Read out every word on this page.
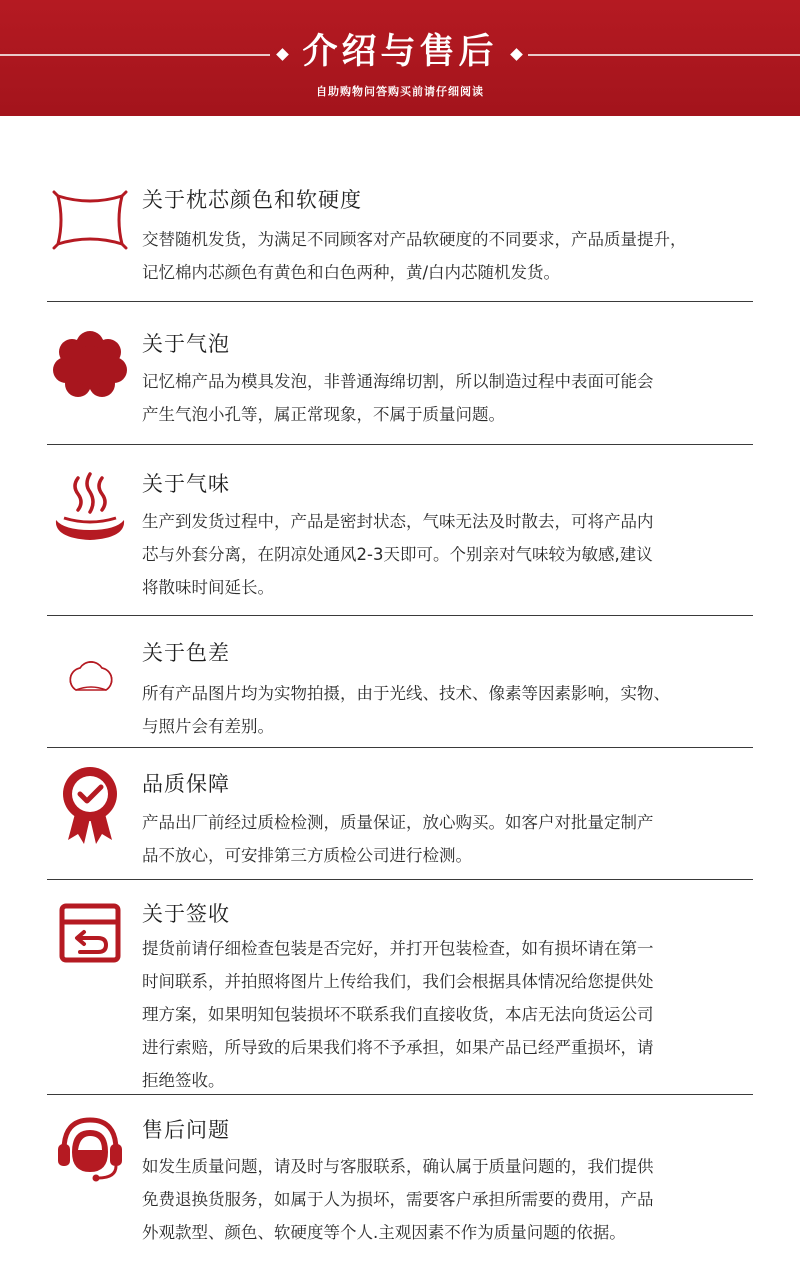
介绍与售后
自助购物问答购买前请仔细阅读
关于枕芯颜色和软硬度
交替随机发货，为满足不同顾客对产品软硬度的不同要求，产品质量提升，
记忆棉内芯颜色有黄色和白色两种，黄/白内芯随机发货。
关于气泡
记忆棉产品为模具发泡，非普通海绵切割，所以制造过程中表面可能会
产生气泡小孔等，属正常现象，不属于质量问题。
关于气味
生产到发货过程中，产品是密封状态，气味无法及时散去，可将产品内
芯与外套分离，在阴凉处通风2-3天即可。个别亲对气味较为敏感,建议
将散味时间延长。
关于色差
所有产品图片均为实物拍摄，由于光线、技术、像素等因素影响，实物、
与照片会有差别。
品质保障
产品出厂前经过质检检测，质量保证，放心购买。如客户对批量定制产
品不放心，可安排第三方质检公司进行检测。
关于签收
提货前请仔细检查包装是否完好，并打开包装检查，如有损坏请在第一
时间联系，并拍照将图片上传给我们，我们会根据具体情况给您提供处
理方案，如果明知包装损坏不联系我们直接收货，本店无法向货运公司
进行索赔，所导致的后果我们将不予承担，如果产品已经严重损坏，请
拒绝签收。
售后问题
如发生质量问题，请及时与客服联系，确认属于质量问题的，我们提供
免费退换货服务，如属于人为损坏，需要客户承担所需要的费用，产品
外观款型、颜色、软硬度等个人.主观因素不作为质量问题的依据。
